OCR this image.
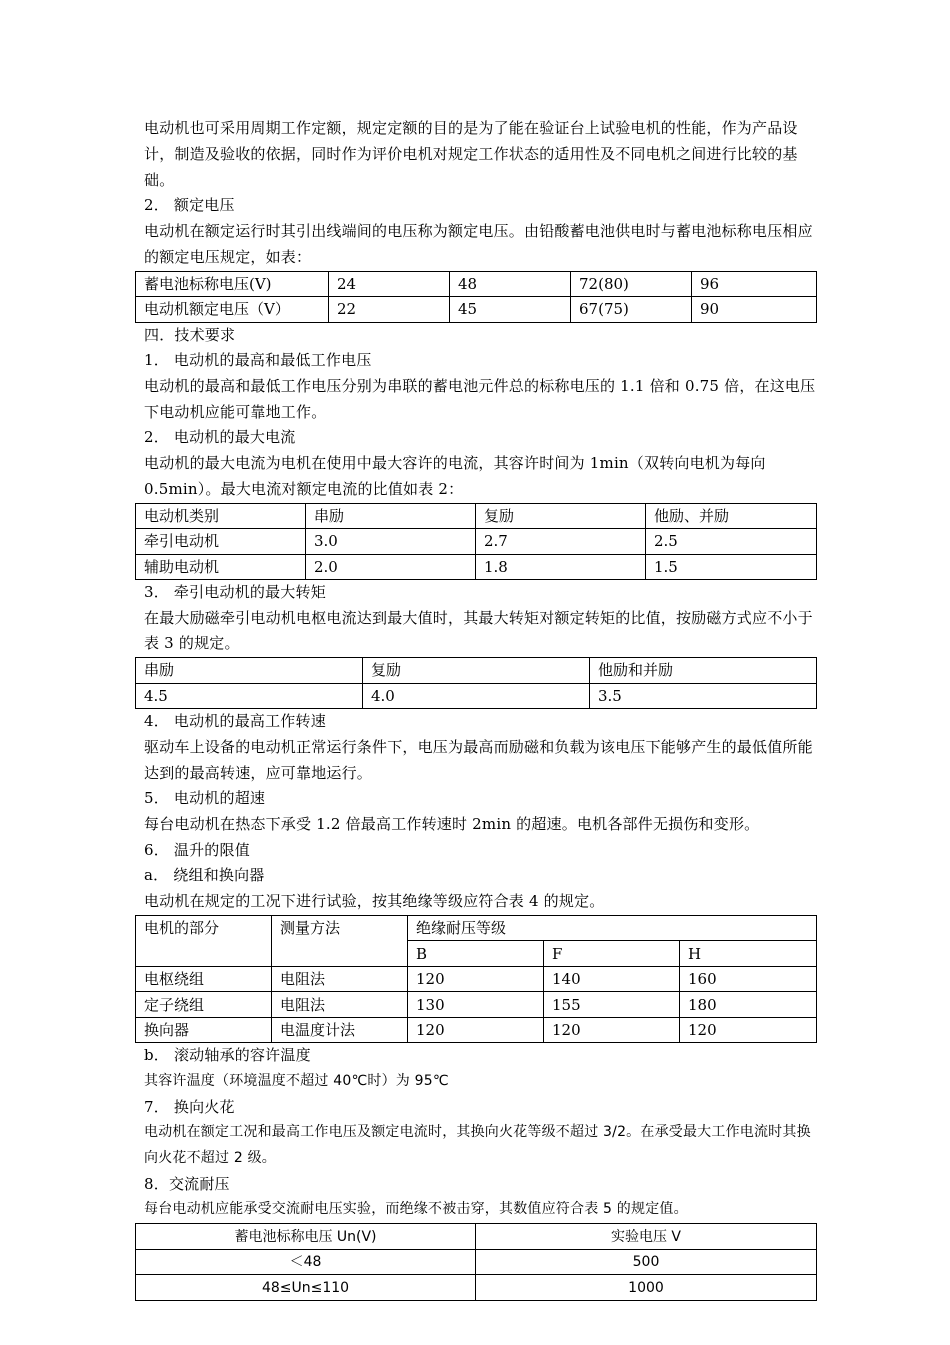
电动机也可采用周期工作定额，规定定额的目的是为了能在验证台上试验电机的性能，作为产品设计，制造及验收的依据，同时作为评价电机对规定工作状态的适用性及不同电机之间进行比较的基础。

2． 额定电压

电动机在额定运行时其引出线端间的电压称为额定电压。由铅酸蓄电池供电时与蓄电池标称电压相应的额定电压规定，如表：

蓄电池标称电压(V)	24	48	72(80)	96
电动机额定电压（V）	22	45	67(75)	90

四．技术要求

1． 电动机的最高和最低工作电压

电动机的最高和最低工作电压分别为串联的蓄电池元件总的标称电压的 1.1 倍和 0.75 倍，在这电压下电动机应能可靠地工作。

2． 电动机的最大电流

电动机的最大电流为电机在使用中最大容许的电流，其容许时间为 1min（双转向电机为每向 0.5min）。最大电流对额定电流的比值如表 2：

电动机类别	串励	复励	他励、并励
牵引电动机	3.0	2.7	2.5
辅助电动机	2.0	1.8	1.5

3． 牵引电动机的最大转矩

在最大励磁牵引电动机电枢电流达到最大值时，其最大转矩对额定转矩的比值，按励磁方式应不小于表 3 的规定。

串励	复励	他励和并励
4.5	4.0	3.5

4． 电动机的最高工作转速

驱动车上设备的电动机正常运行条件下，电压为最高而励磁和负载为该电压下能够产生的最低值所能达到的最高转速，应可靠地运行。

5． 电动机的超速

每台电动机在热态下承受 1.2 倍最高工作转速时 2min 的超速。电机各部件无损伤和变形。

6． 温升的限值

a． 绕组和换向器

电动机在规定的工况下进行试验，按其绝缘等级应符合表 4 的规定。

电机的部分	测量方法	绝缘耐压等级		
		B	F	H
电枢绕组	电阻法	120	140	160
定子绕组	电阻法	130	155	180
换向器	电温度计法	120	120	120

b． 滚动轴承的容许温度

其容许温度（环境温度不超过 40℃时）为 95℃

7． 换向火花

电动机在额定工况和最高工作电压及额定电流时，其换向火花等级不超过 3/2。在承受最大工作电流时其换向火花不超过 2 级。

8．交流耐压

每台电动机应能承受交流耐电压实验，而绝缘不被击穿，其数值应符合表 5 的规定值。

蓄电池标称电压 Un(V)	实验电压 V
＜48	500
48≤Un≤110	1000
